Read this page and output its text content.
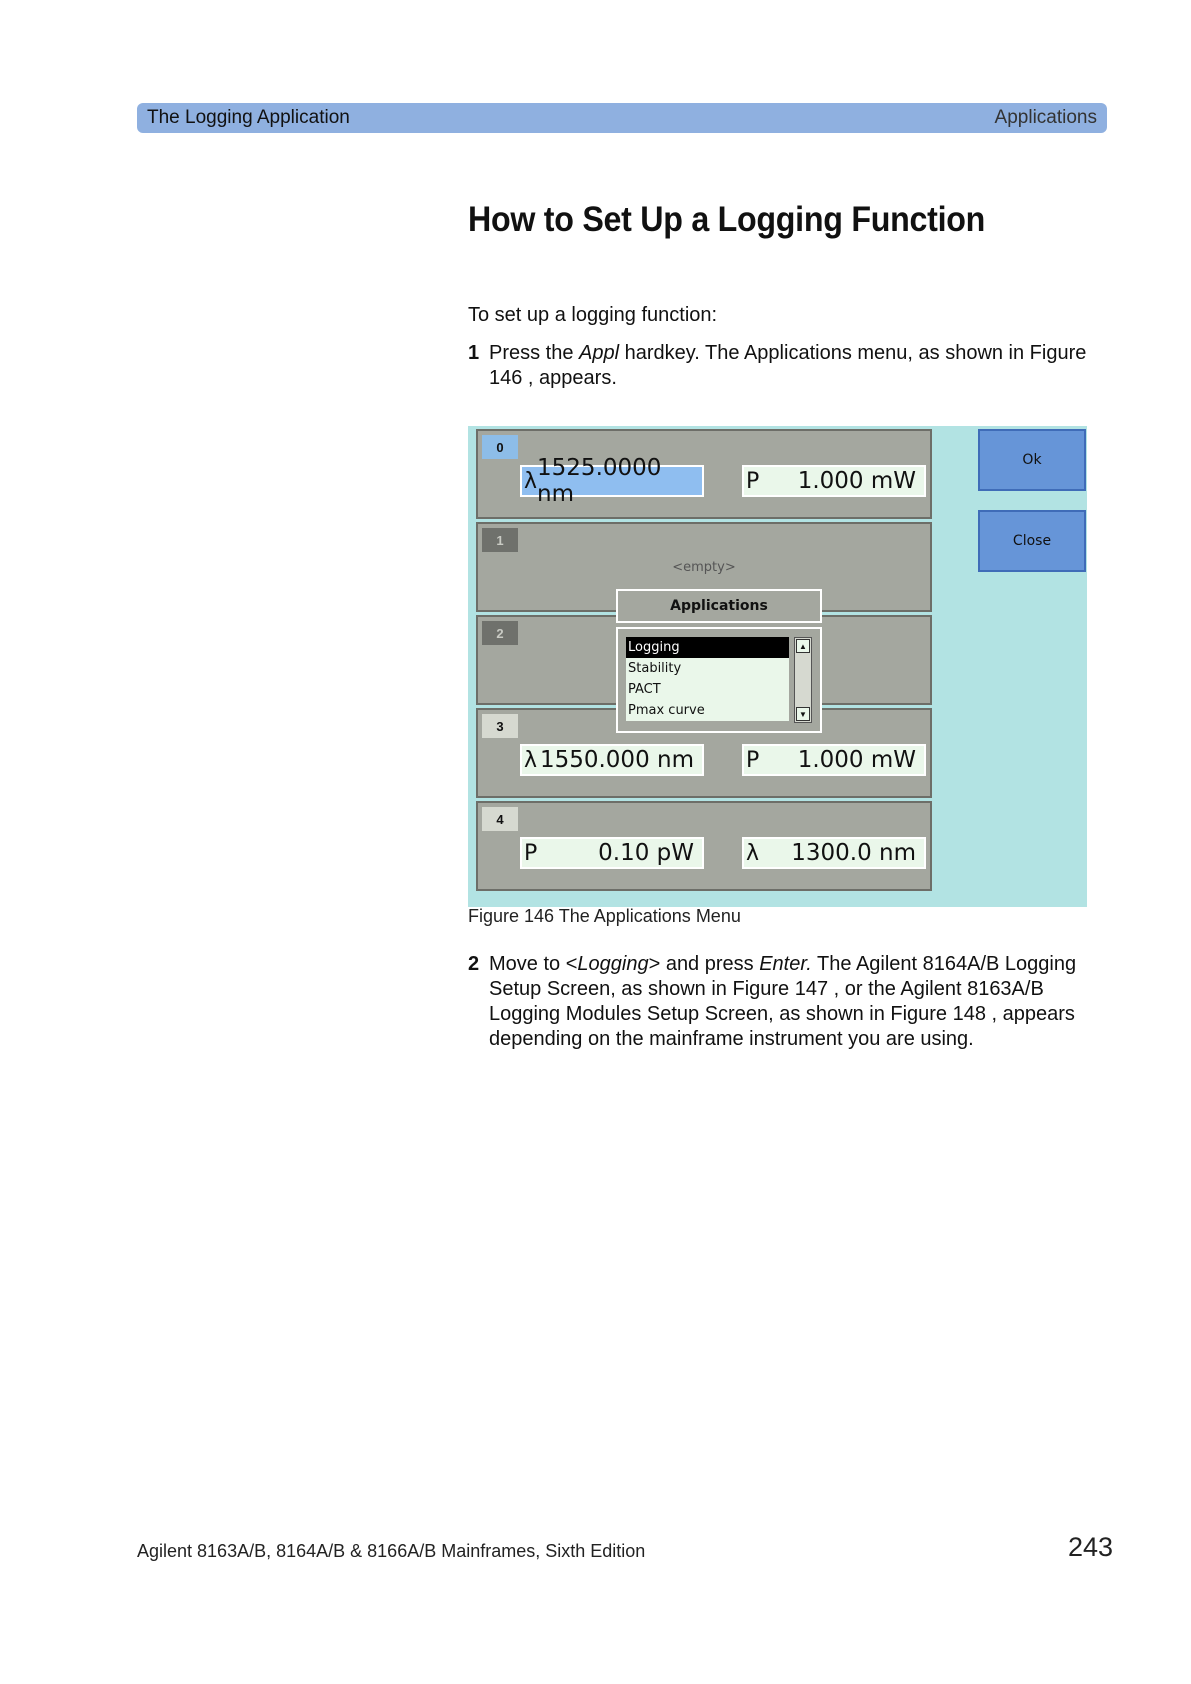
The Logging Application	Applications
How to Set Up a Logging Function
To set up a logging function:
1 Press the Appl hardkey. The Applications menu, as shown in Figure 146 , appears.
0
λ 1525.0000 nm	P 1.000 mW
1
<empty>
2
3
λ 1550.000 nm P 1.000 mW
4
P	0.10 pW λ 1300.0 nm
Ok
Close
Applications
Logging
Stability
PACT
Pmax curve
▲
▼
Figure 146 The Applications Menu
2 Move to <Logging> and press Enter. The Agilent 8164A/B Logging Setup Screen, as shown in Figure 147 , or the Agilent 8163A/B Logging Modules Setup Screen, as shown in Figure 148 , appears depending on the mainframe instrument you are using.
Agilent 8163A/B, 8164A/B & 8166A/B Mainframes, Sixth Edition	243
